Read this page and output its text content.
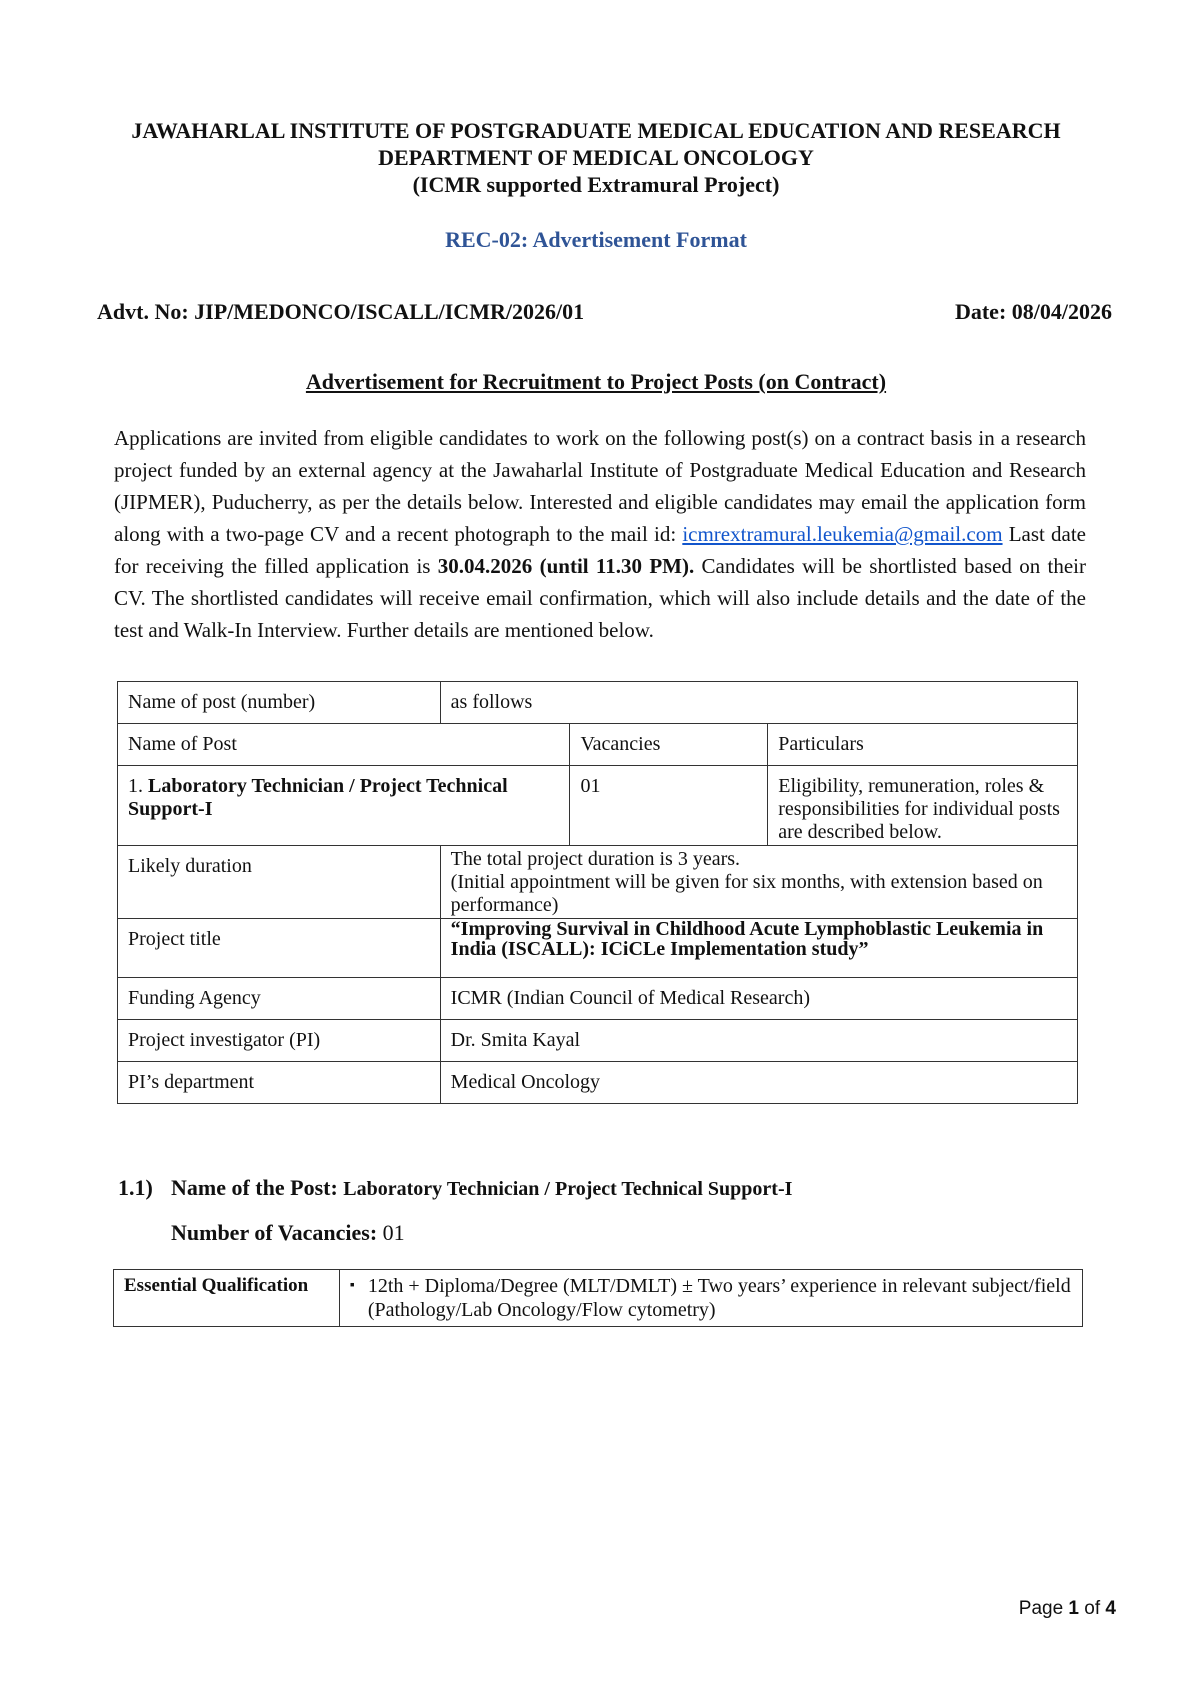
JAWAHARLAL INSTITUTE OF POSTGRADUATE MEDICAL EDUCATION AND RESEARCH
DEPARTMENT OF MEDICAL ONCOLOGY
(ICMR supported Extramural Project)
REC-02: Advertisement Format
Advt. No: JIP/MEDONCO/ISCALL/ICMR/2026/01	Date: 08/04/2026
Advertisement for Recruitment to Project Posts (on Contract)
Applications are invited from eligible candidates to work on the following post(s) on a contract basis in a research project funded by an external agency at the Jawaharlal Institute of Postgraduate Medical Education and Research (JIPMER), Puducherry, as per the details below. Interested and eligible candidates may email the application form along with a two-page CV and a recent photograph to the mail id: icmrextramural.leukemia@gmail.com Last date for receiving the filled application is 30.04.2026 (until 11.30 PM). Candidates will be shortlisted based on their CV. The shortlisted candidates will receive email confirmation, which will also include details and the date of the test and Walk-In Interview. Further details are mentioned below.
Name of post (number)	as follows		
Name of Post		Vacancies	Particulars
1. Laboratory Technician / Project Technical Support-I		01	Eligibility, remuneration, roles & responsibilities for individual posts are described below.
Likely duration	The total project duration is 3 years.
(Initial appointment will be given for six months, with extension based on performance)		

Project title	“Improving Survival in Childhood Acute Lymphoblastic Leukemia in India (ISCALL): ICiCLe Implementation study”		
Funding Agency	ICMR (Indian Council of Medical Research)		
Project investigator (PI)	Dr. Smita Kayal		
PI’s department	Medical Oncology		
1.1) Name of the Post: Laboratory Technician / Project Technical Support-I
Number of Vacancies: 01
Essential Qualification	▪ 12th + Diploma/Degree (MLT/DMLT) ± Two years’ experience in relevant subject/field (Pathology/Lab Oncology/Flow cytometry)
Page 1 of 4
